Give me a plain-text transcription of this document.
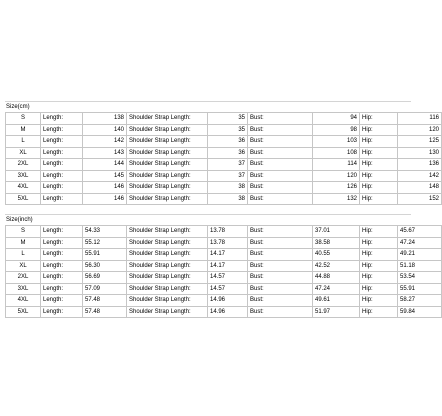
Size(cm)
S	Length:	138	Shoulder Strap Length:	35	Bust:	94	Hip:	116
M	Length:	140	Shoulder Strap Length:	35	Bust:	98	Hip:	120
L	Length:	142	Shoulder Strap Length:	36	Bust:	103	Hip:	125
XL	Length:	143	Shoulder Strap Length:	36	Bust:	108	Hip:	130
2XL	Length:	144	Shoulder Strap Length:	37	Bust:	114	Hip:	136
3XL	Length:	145	Shoulder Strap Length:	37	Bust:	120	Hip:	142
4XL	Length:	146	Shoulder Strap Length:	38	Bust:	126	Hip:	148
5XL	Length:	146	Shoulder Strap Length:	38	Bust:	132	Hip:	152
Size(inch)
S	Length:	54.33	Shoulder Strap Length:	13.78	Bust:	37.01	Hip:	45.67
M	Length:	55.12	Shoulder Strap Length:	13.78	Bust:	38.58	Hip:	47.24
L	Length:	55.91	Shoulder Strap Length:	14.17	Bust:	40.55	Hip:	49.21
XL	Length:	56.30	Shoulder Strap Length:	14.17	Bust:	42.52	Hip:	51.18
2XL	Length:	56.69	Shoulder Strap Length:	14.57	Bust:	44.88	Hip:	53.54
3XL	Length:	57.09	Shoulder Strap Length:	14.57	Bust:	47.24	Hip:	55.91
4XL	Length:	57.48	Shoulder Strap Length:	14.96	Bust:	49.61	Hip:	58.27
5XL	Length:	57.48	Shoulder Strap Length:	14.96	Bust:	51.97	Hip:	59.84
